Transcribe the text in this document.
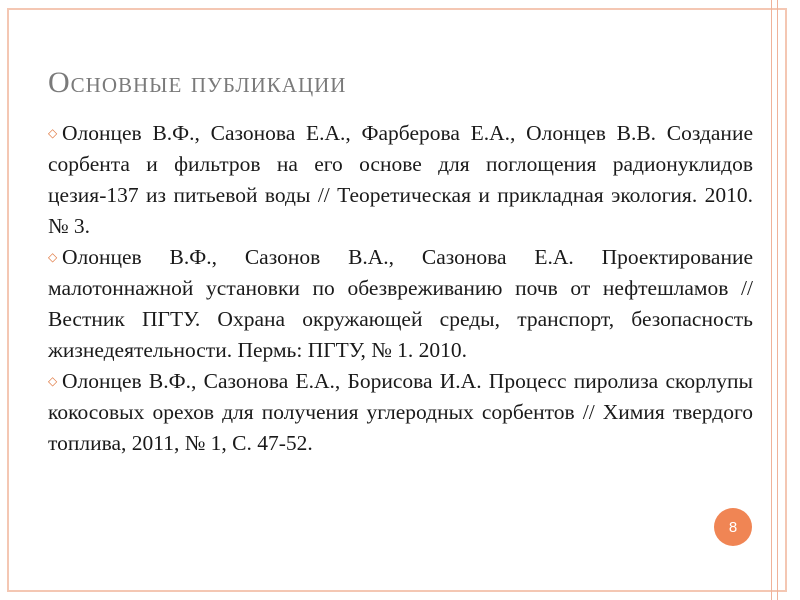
Основные публикации
◇ Олонцев В.Ф., Сазонова Е.А., Фарберова Е.А., Олонцев В.В. Создание сорбента и фильтров на его основе для поглощения радионуклидов цезия-137 из питьевой воды // Теоретическая и прикладная экология. 2010. № 3.
◇ Олонцев В.Ф., Сазонов В.А., Сазонова Е.А. Проектирование малотоннажной установки по обезвреживанию почв от нефтешламов // Вестник ПГТУ. Охрана окружающей среды, транспорт, безопасность жизнедеятельности. Пермь: ПГТУ, № 1. 2010.
◇ Олонцев В.Ф., Сазонова Е.А., Борисова И.А. Процесс пиролиза скорлупы кокосовых орехов для получения углеродных сорбентов // Химия твердого топлива, 2011, № 1, С. 47-52.
8
